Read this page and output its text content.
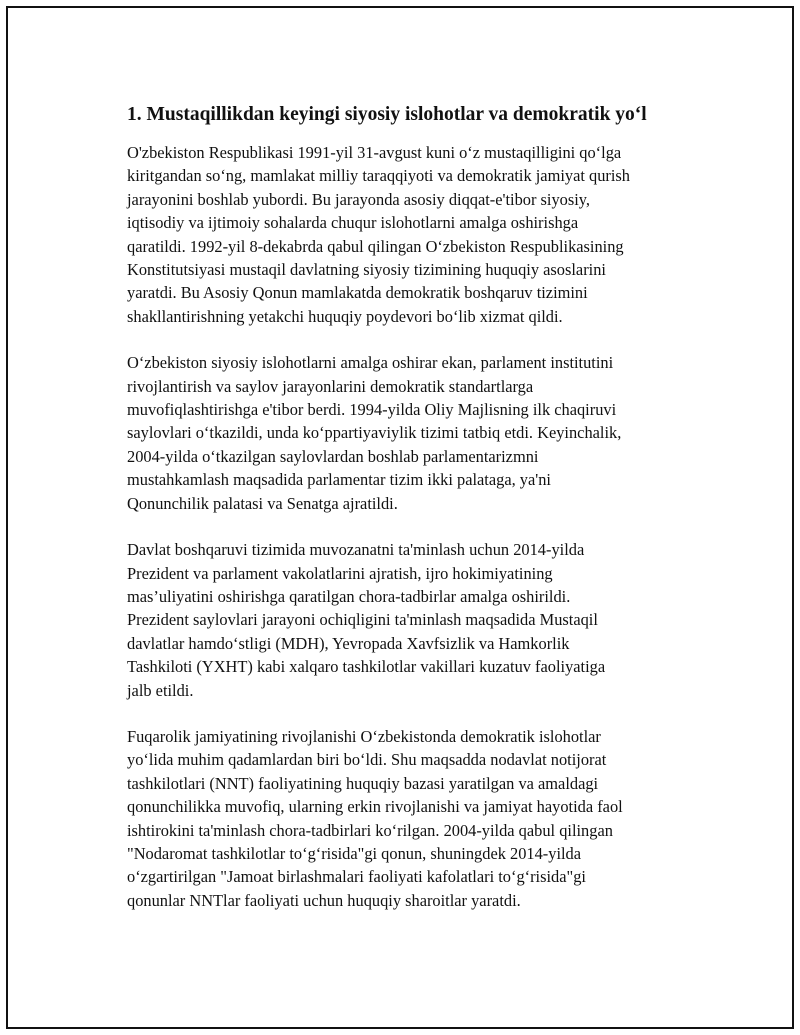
1. Mustaqillikdan keyingi siyosiy islohotlar va demokratik yo‘l

O'zbekiston Respublikasi 1991-yil 31-avgust kuni o‘z mustaqilligini qo‘lga
kiritgandan so‘ng, mamlakat milliy taraqqiyoti va demokratik jamiyat qurish
jarayonini boshlab yubordi. Bu jarayonda asosiy diqqat-e'tibor siyosiy,
iqtisodiy va ijtimoiy sohalarda chuqur islohotlarni amalga oshirishga
qaratildi. 1992-yil 8-dekabrda qabul qilingan O‘zbekiston Respublikasining
Konstitutsiyasi mustaqil davlatning siyosiy tizimining huquqiy asoslarini
yaratdi. Bu Asosiy Qonun mamlakatda demokratik boshqaruv tizimini
shakllantirishning yetakchi huquqiy poydevori bo‘lib xizmat qildi.

O‘zbekiston siyosiy islohotlarni amalga oshirar ekan, parlament institutini
rivojlantirish va saylov jarayonlarini demokratik standartlarga
muvofiqlashtirishga e'tibor berdi. 1994-yilda Oliy Majlisning ilk chaqiruvi
saylovlari o‘tkazildi, unda ko‘ppartiyaviylik tizimi tatbiq etdi. Keyinchalik,
2004-yilda o‘tkazilgan saylovlardan boshlab parlamentarizmni
mustahkamlash maqsadida parlamentar tizim ikki palataga, ya'ni
Qonunchilik palatasi va Senatga ajratildi.

Davlat boshqaruvi tizimida muvozanatni ta'minlash uchun 2014-yilda
Prezident va parlament vakolatlarini ajratish, ijro hokimiyatining
mas’uliyatini oshirishga qaratilgan chora-tadbirlar amalga oshirildi.
Prezident saylovlari jarayoni ochiqligini ta'minlash maqsadida Mustaqil
davlatlar hamdo‘stligi (MDH), Yevropada Xavfsizlik va Hamkorlik
Tashkiloti (YXHT) kabi xalqaro tashkilotlar vakillari kuzatuv faoliyatiga
jalb etildi.

Fuqarolik jamiyatining rivojlanishi O‘zbekistonda demokratik islohotlar
yo‘lida muhim qadamlardan biri bo‘ldi. Shu maqsadda nodavlat notijorat
tashkilotlari (NNT) faoliyatining huquqiy bazasi yaratilgan va amaldagi
qonunchilikka muvofiq, ularning erkin rivojlanishi va jamiyat hayotida faol
ishtirokini ta'minlash chora-tadbirlari ko‘rilgan. 2004-yilda qabul qilingan
"Nodaromat tashkilotlar to‘g‘risida"gi qonun, shuningdek 2014-yilda
o‘zgartirilgan "Jamoat birlashmalari faoliyati kafolatlari to‘g‘risida"gi
qonunlar NNTlar faoliyati uchun huquqiy sharoitlar yaratdi.
